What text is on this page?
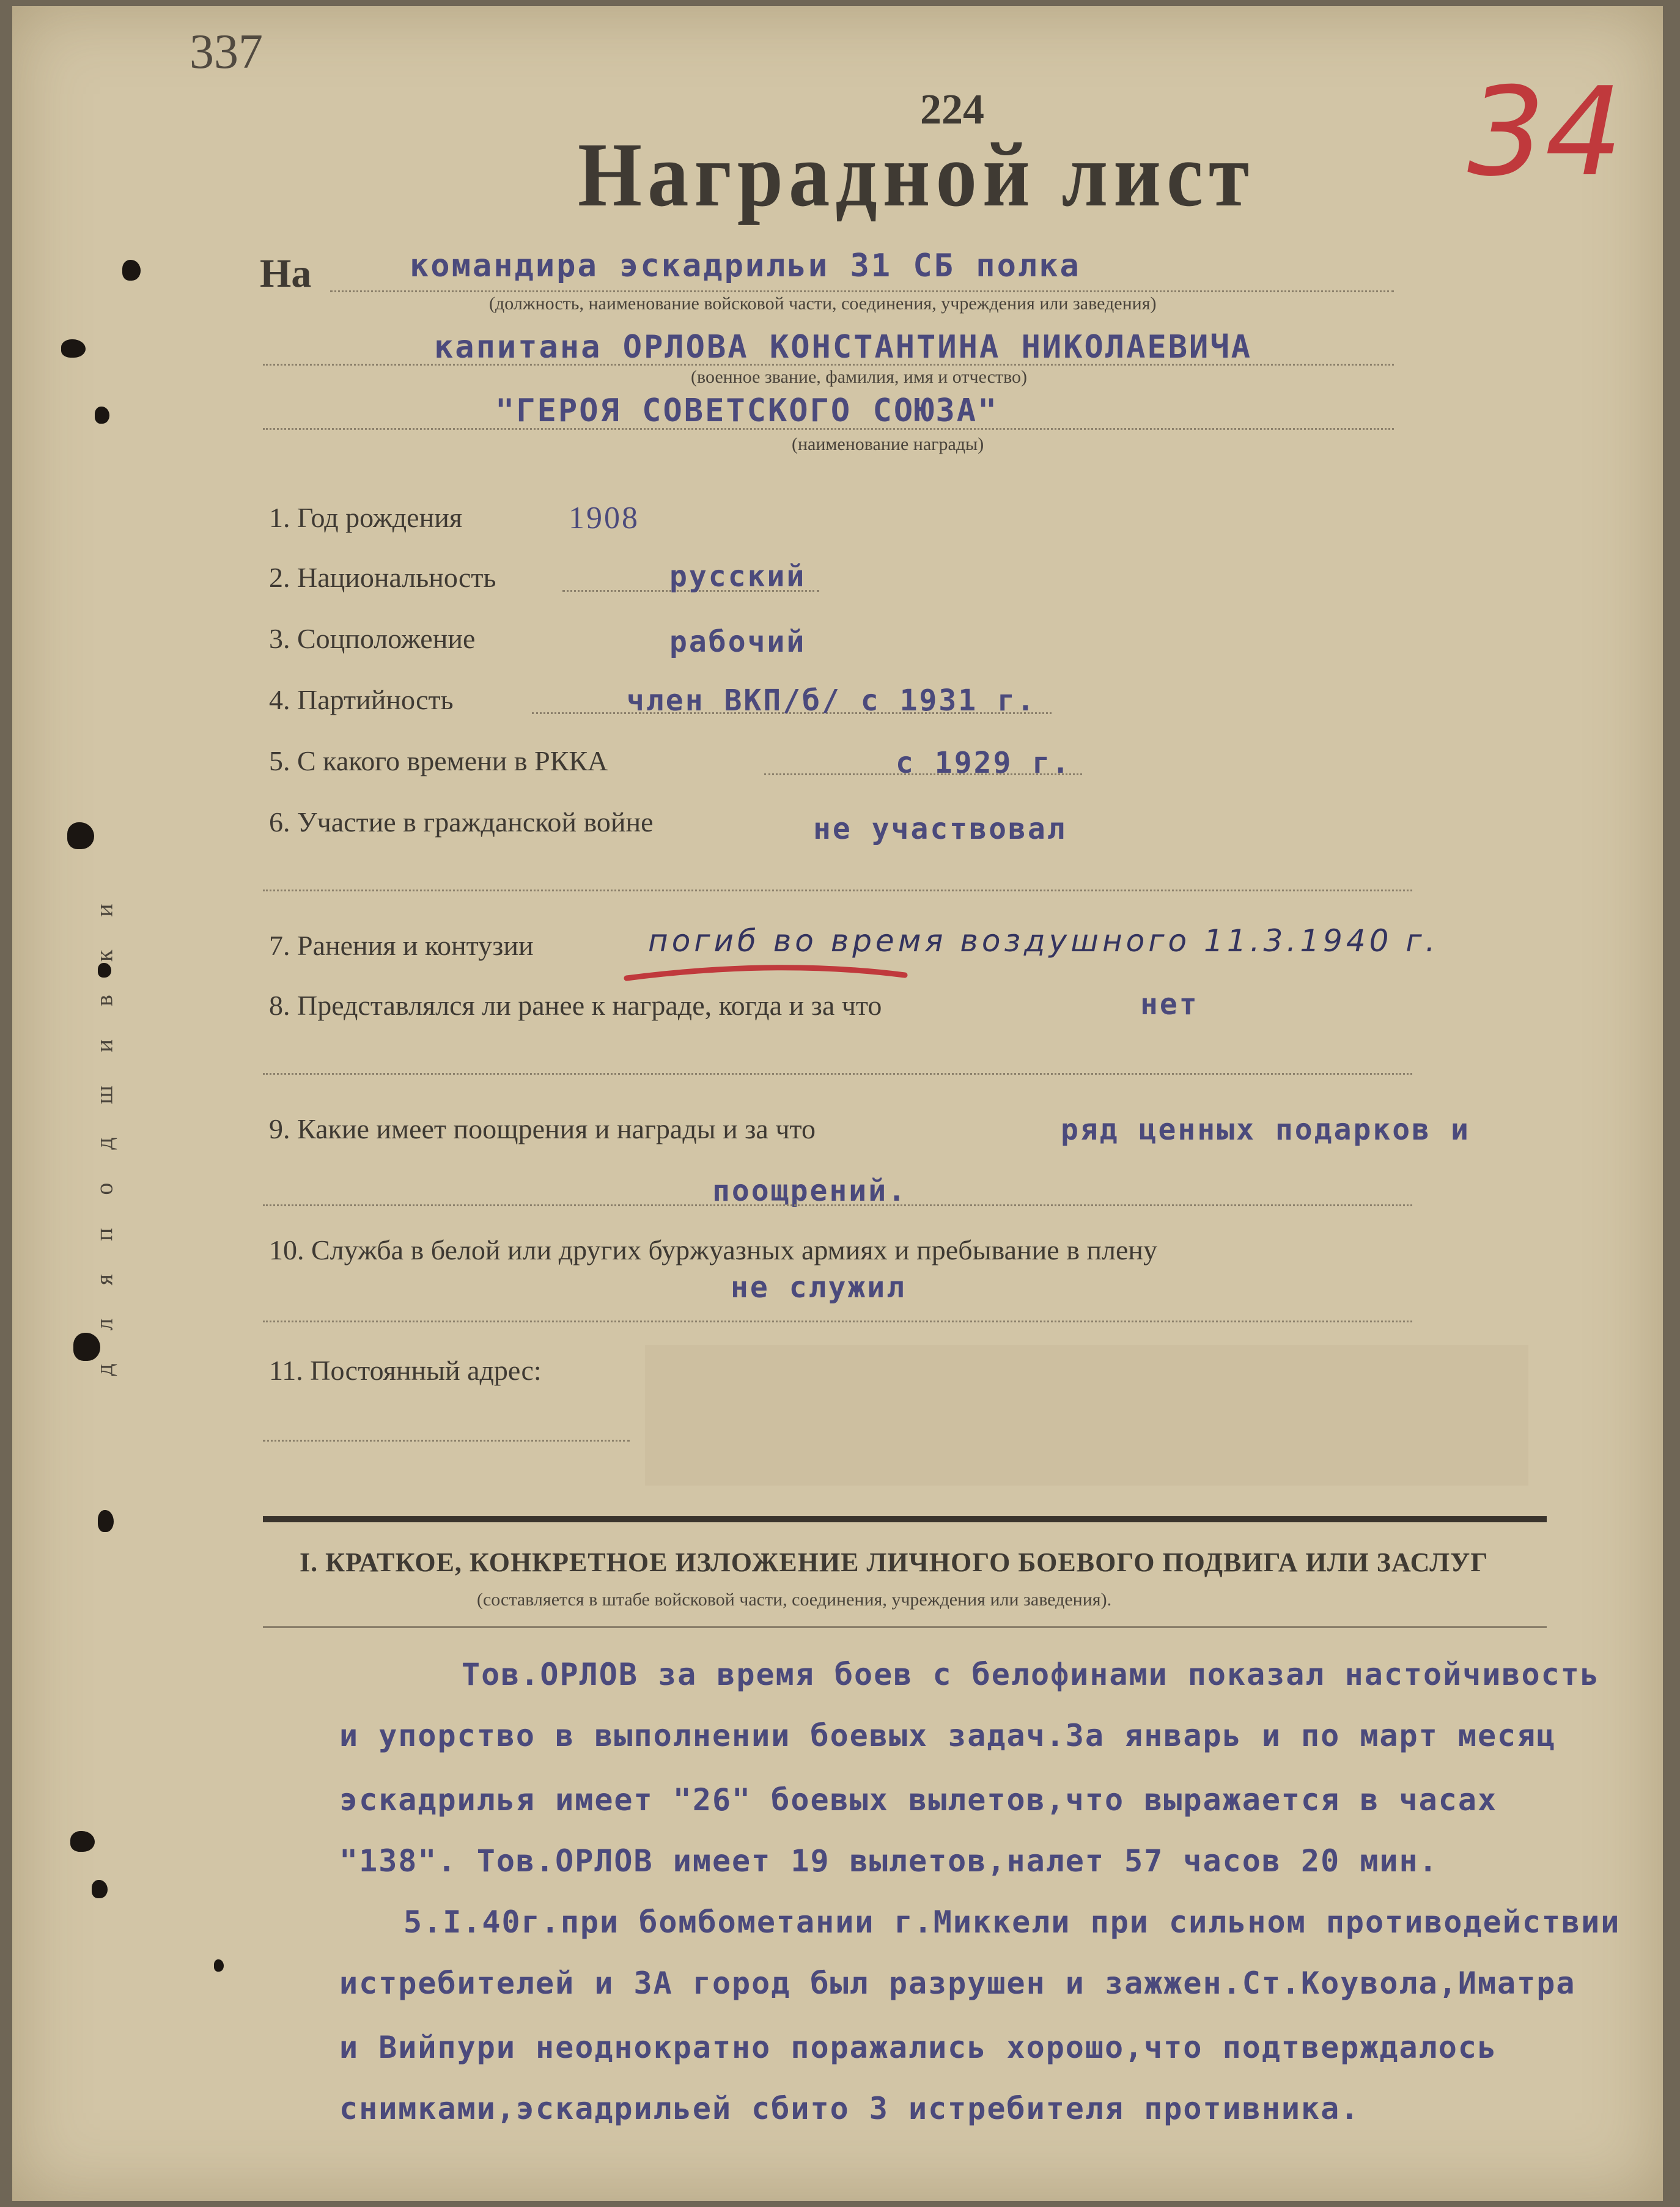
337
224	34
Наградной лист
На	командира эскадрильи 31 СБ полка
(должность, наименование войсковой части, соединения, учреждения или заведения)
капитана ОРЛОВА КОНСТАНТИНА НИКОЛАЕВИЧА
(военное звание, фамилия, имя и отчество)
"ГЕРОЯ СОВЕТСКОГО СОЮЗА"
(наименование награды)
д л я п о д ш и в к и
1. Год рождения	1908
2. Национальность	русский
3. Соцположение	рабочий
4. Партийность	член ВКП/б/ с 1931 г.
5. С какого времени в РККА	с 1929 г.
6. Участие в гражданской войне	не участвовал
7. Ранения и контузии	погиб во время воздушного 11.3.1940 г.
8. Представлялся ли ранее к награде, когда и за что	нет
9. Какие имеет поощрения и награды и за что	ряд ценных подарков и
поощрений.
10. Служба в белой или других буржуазных армиях и пребывание в плену
не служил
11. Постоянный адрес:
I. КРАТКОЕ, КОНКРЕТНОЕ ИЗЛОЖЕНИЕ ЛИЧНОГО БОЕВОГО ПОДВИГА ИЛИ ЗАСЛУГ
(составляется в штабе войсковой части, соединения, учреждения или заведения).
Тов.ОРЛОВ за время боев с белофинами показал настойчивость
и упорство в выполнении боевых задач.За январь и по март месяц
эскадрилья имеет "26" боевых вылетов,что выражается в часах
"138". Тов.ОРЛОВ имеет 19 вылетов,налет 57 часов 20 мин.
5.I.40г.при бомбометании г.Миккели при сильном противодействии
истребителей и ЗА город был разрушен и зажжен.Ст.Коувола,Иматра
и Вийпури неоднократно поражались хорошо,что подтверждалось
снимками,эскадрильей сбито 3 истребителя противника.
